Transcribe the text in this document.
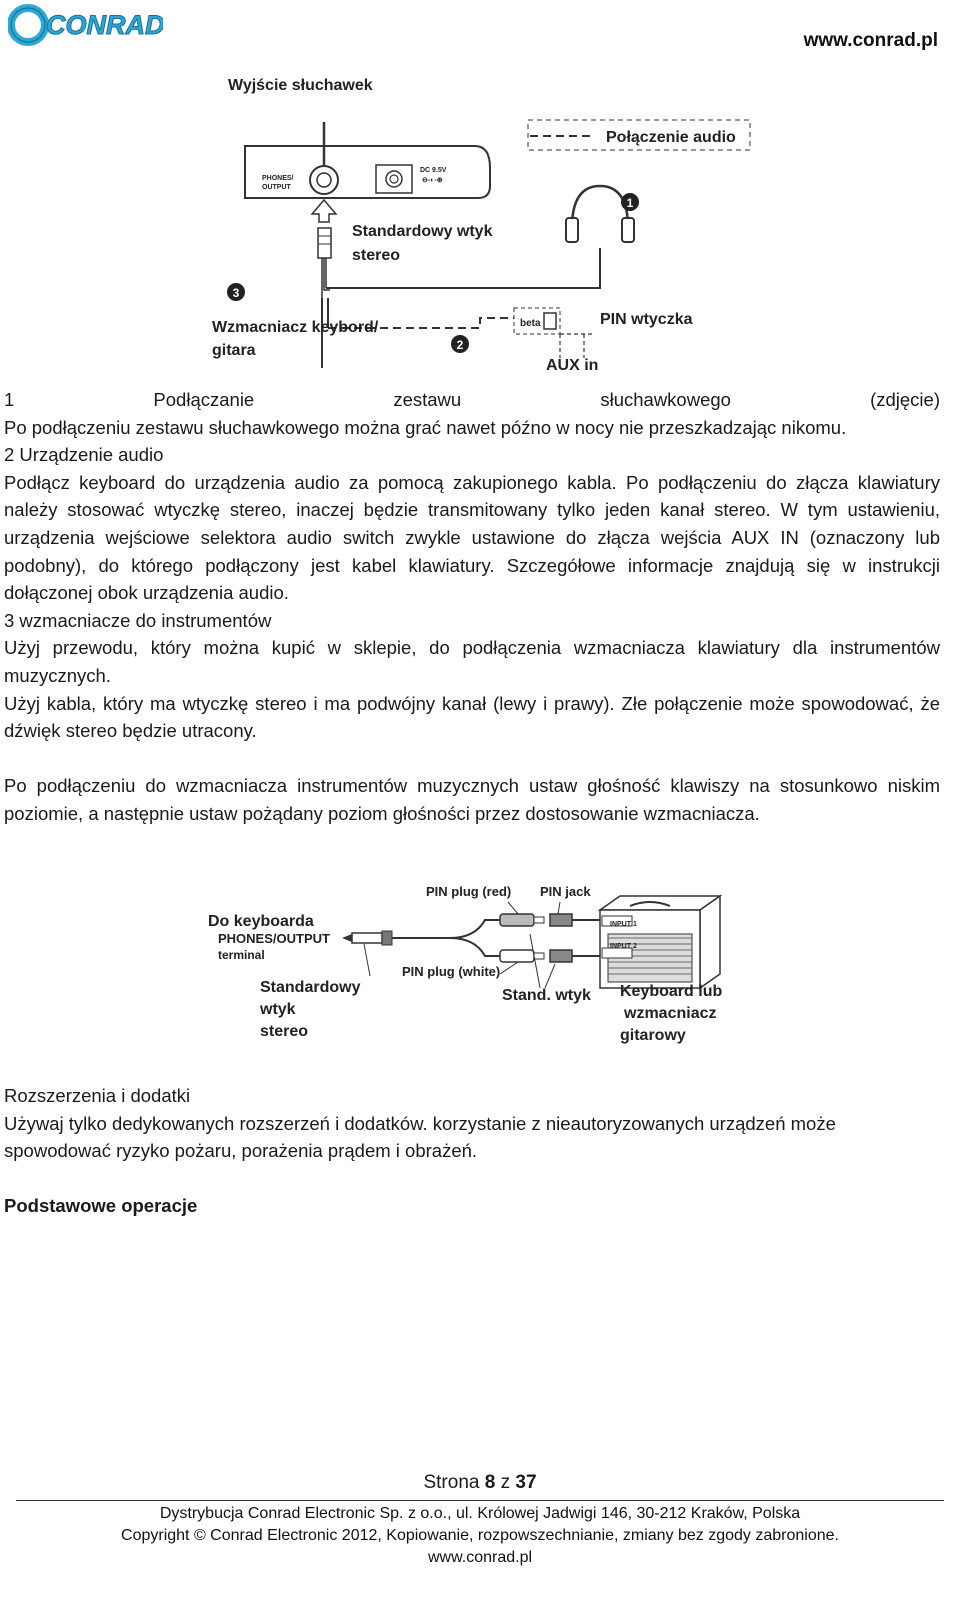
CONRAD
www.conrad.pl
Wyjście słuchawek
PHONES/
OUTPUT
DC 9.5V
⊖-◐-⊕
Standardowy wtyk
stereo
Połączenie audio
1
3
2
Wzmacniacz keybord/
gitara
beta	PIN wtyczka
AUX in

1	Podłączanie	zestawu	słuchawkowego	(zdjęcie)

Po podłączeniu zestawu słuchawkowego można grać nawet późno w nocy nie przeszkadzając nikomu.

2 Urządzenie audio

Podłącz keyboard do urządzenia audio za pomocą zakupionego kabla. Po podłączeniu do złącza klawiatury należy stosować wtyczkę stereo, inaczej będzie transmitowany tylko jeden kanał stereo. W tym ustawieniu, urządzenia wejściowe selektora audio switch zwykle ustawione do złącza wejścia AUX IN (oznaczony lub podobny), do którego podłączony jest kabel klawiatury. Szczegółowe informacje znajdują się w instrukcji dołączonej obok urządzenia audio.

3 wzmacniacze do instrumentów

Użyj przewodu, który można kupić w sklepie, do podłączenia wzmacniacza klawiatury dla instrumentów muzycznych.

Użyj kabla, który ma wtyczkę stereo i ma podwójny kanał (lewy i prawy). Złe połączenie może spowodować, że dźwięk stereo będzie utracony.

Po podłączeniu do wzmacniacza instrumentów muzycznych ustaw głośność klawiszy na stosunkowo niskim poziomie, a następnie ustaw pożądany poziom głośności przez dostosowanie wzmacniacza.

PIN plug (red) PIN jack
Do keyboarda
PHONES/OUTPUT
terminal
PIN plug (white)
Standardowy
wtyk
stereo
Stand. wtyk
INPUT 1
INPUT 2
Keyboard lub
wzmacniacz
gitarowy

Rozszerzenia i dodatki

Używaj tylko dedykowanych rozszerzeń i dodatków. korzystanie z nieautoryzowanych urządzeń może spowodować ryzyko pożaru, porażenia prądem i obrażeń.

Podstawowe operacje
Strona 8 z 37
Dystrybucja Conrad Electronic Sp. z o.o., ul. Królowej Jadwigi 146, 30-212 Kraków, Polska
Copyright © Conrad Electronic 2012, Kopiowanie, rozpowszechnianie, zmiany bez zgody zabronione.
www.conrad.pl
